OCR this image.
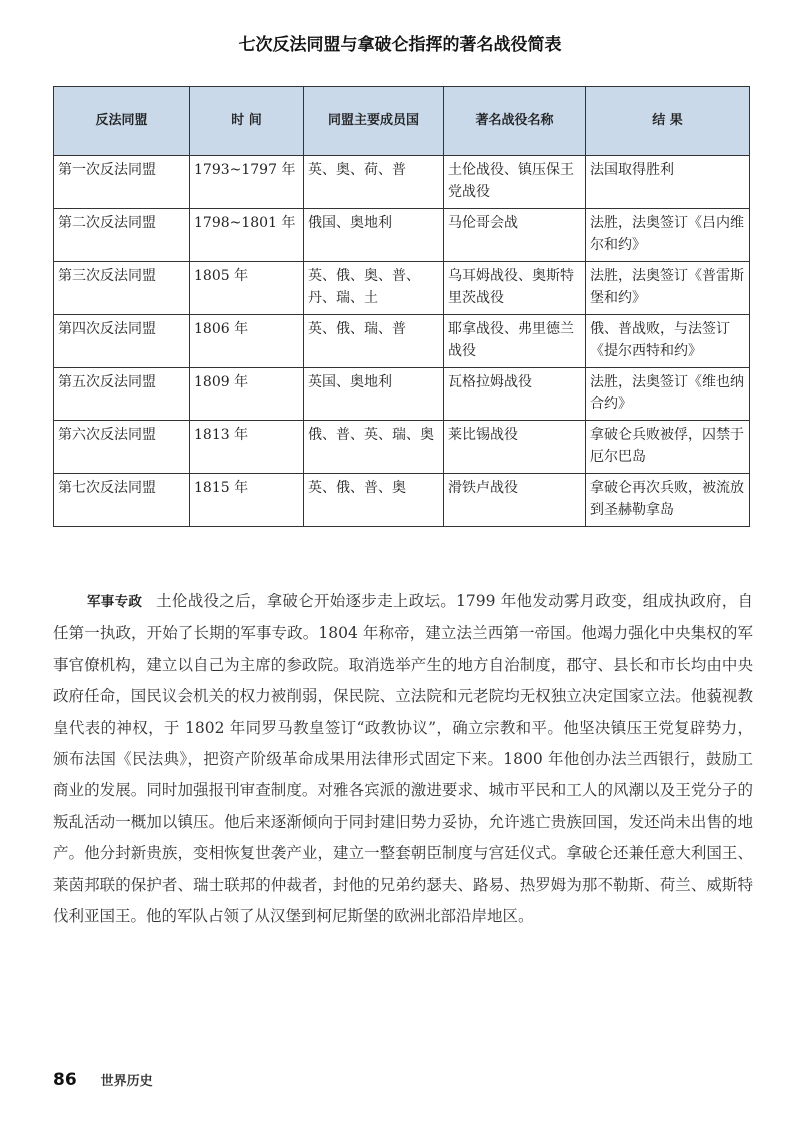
七次反法同盟与拿破仑指挥的著名战役简表
反法同盟	时 间	同盟主要成员国	著名战役名称	结 果
第一次反法同盟	1793~1797 年	英、奥、荷、普	土伦战役、镇压保王党战役	法国取得胜利
第二次反法同盟	1798~1801 年	俄国、奥地利	马伦哥会战	法胜，法奥签订《吕内维尔和约》
第三次反法同盟	1805 年	英、俄、奥、普、丹、瑞、土	乌耳姆战役、奥斯特里茨战役	法胜，法奥签订《普雷斯堡和约》
第四次反法同盟	1806 年	英、俄、瑞、普	耶拿战役、弗里德兰战役	俄、普战败，与法签订《提尔西特和约》
第五次反法同盟	1809 年	英国、奥地利	瓦格拉姆战役	法胜，法奥签订《维也纳合约》
第六次反法同盟	1813 年	俄、普、英、瑞、奥	莱比锡战役	拿破仑兵败被俘，囚禁于厄尔巴岛
第七次反法同盟	1815 年	英、俄、普、奥	滑铁卢战役	拿破仑再次兵败，被流放到圣赫勒拿岛
军事专政 土伦战役之后，拿破仑开始逐步走上政坛。1799 年他发动雾月政变，组成执政府，自任第一执政，开始了长期的军事专政。1804 年称帝，建立法兰西第一帝国。他竭力强化中央集权的军事官僚机构，建立以自己为主席的参政院。取消选举产生的地方自治制度，郡守、县长和市长均由中央政府任命，国民议会机关的权力被削弱，保民院、立法院和元老院均无权独立决定国家立法。他藐视教皇代表的神权，于 1802 年同罗马教皇签订“政教协议”，确立宗教和平。他坚决镇压王党复辟势力，颁布法国《民法典》，把资产阶级革命成果用法律形式固定下来。1800 年他创办法兰西银行，鼓励工商业的发展。同时加强报刊审查制度。对雅各宾派的激进要求、城市平民和工人的风潮以及王党分子的叛乱活动一概加以镇压。他后来逐渐倾向于同封建旧势力妥协，允许逃亡贵族回国，发还尚未出售的地产。他分封新贵族，变相恢复世袭产业，建立一整套朝臣制度与宫廷仪式。拿破仑还兼任意大利国王、莱茵邦联的保护者、瑞士联邦的仲裁者，封他的兄弟约瑟夫、路易、热罗姆为那不勒斯、荷兰、威斯特伐利亚国王。他的军队占领了从汉堡到柯尼斯堡的欧洲北部沿岸地区。
86 世界历史
